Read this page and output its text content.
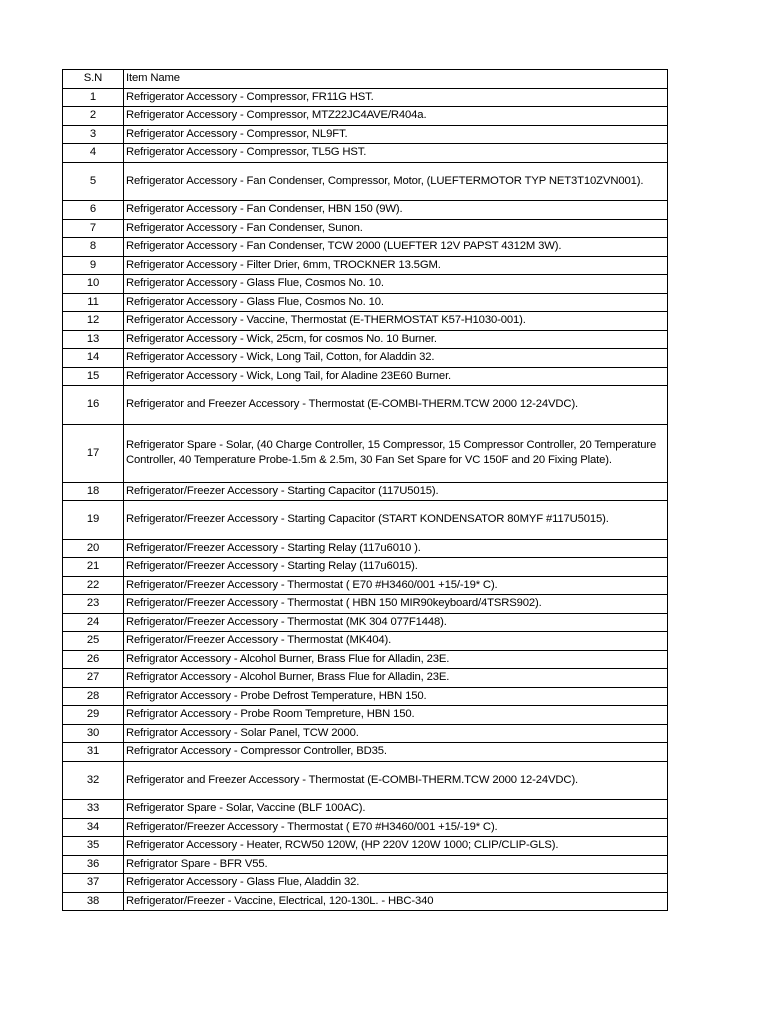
S.N	Item Name
1	Refrigerator Accessory - Compressor, FR11G HST.
2	Refrigerator Accessory - Compressor, MTZ22JC4AVE/R404a.
3	Refrigerator Accessory - Compressor, NL9FT.
4	Refrigerator Accessory - Compressor, TL5G HST.
5	Refrigerator Accessory - Fan Condenser, Compressor, Motor, (LUEFTERMOTOR TYP NET3T10ZVN001).
6	Refrigerator Accessory - Fan Condenser, HBN 150 (9W).
7	Refrigerator Accessory - Fan Condenser, Sunon.
8	Refrigerator Accessory - Fan Condenser, TCW 2000 (LUEFTER 12V PAPST 4312M 3W).
9	Refrigerator Accessory - Filter Drier, 6mm, TROCKNER 13.5GM.
10	Refrigerator Accessory - Glass Flue, Cosmos No. 10.
11	Refrigerator Accessory - Glass Flue, Cosmos No. 10.
12	Refrigerator Accessory - Vaccine, Thermostat (E-THERMOSTAT K57-H1030-001).
13	Refrigerator Accessory - Wick, 25cm, for cosmos No. 10 Burner.
14	Refrigerator Accessory - Wick, Long Tail, Cotton, for Aladdin 32.
15	Refrigerator Accessory - Wick, Long Tail, for Aladine 23E60 Burner.
16	Refrigerator and Freezer Accessory - Thermostat (E-COMBI-THERM.TCW 2000 12-24VDC).
17	Refrigerator Spare - Solar, (40 Charge Controller, 15 Compressor, 15 Compressor Controller, 20 Temperature Controller, 40 Temperature Probe-1.5m & 2.5m, 30 Fan Set Spare for VC 150F and 20 Fixing Plate).
18	Refrigerator/Freezer Accessory - Starting Capacitor (117U5015).
19	Refrigerator/Freezer Accessory - Starting Capacitor (START KONDENSATOR 80MYF #117U5015).
20	Refrigerator/Freezer Accessory - Starting Relay (117u6010 ).
21	Refrigerator/Freezer Accessory - Starting Relay (117u6015).
22	Refrigerator/Freezer Accessory - Thermostat ( E70 #H3460/001 +15/-19* C).
23	Refrigerator/Freezer Accessory - Thermostat ( HBN 150 MIR90keyboard/4TSRS902).
24	Refrigerator/Freezer Accessory - Thermostat (MK 304 077F1448).
25	Refrigerator/Freezer Accessory - Thermostat (MK404).
26	Refrigrator Accessory - Alcohol Burner, Brass Flue for Alladin, 23E.
27	Refrigrator Accessory - Alcohol Burner, Brass Flue for Alladin, 23E.
28	Refrigrator Accessory - Probe Defrost Temperature, HBN 150.
29	Refrigrator Accessory - Probe Room Tempreture, HBN 150.
30	Refrigrator Accessory - Solar Panel, TCW 2000.
31	Refrigrator Accessory - Compressor Controller, BD35.
32	Refrigerator and Freezer Accessory - Thermostat (E-COMBI-THERM.TCW 2000 12-24VDC).
33	Refrigerator Spare - Solar, Vaccine (BLF 100AC).
34	Refrigerator/Freezer Accessory - Thermostat ( E70 #H3460/001 +15/-19* C).
35	Refrigerator Accessory - Heater, RCW50 120W, (HP 220V 120W 1000; CLIP/CLIP-GLS).
36	Refrigrator Spare - BFR V55.
37	Refrigerator Accessory - Glass Flue, Aladdin 32.
38	Refrigerator/Freezer - Vaccine, Electrical, 120-130L. - HBC-340
